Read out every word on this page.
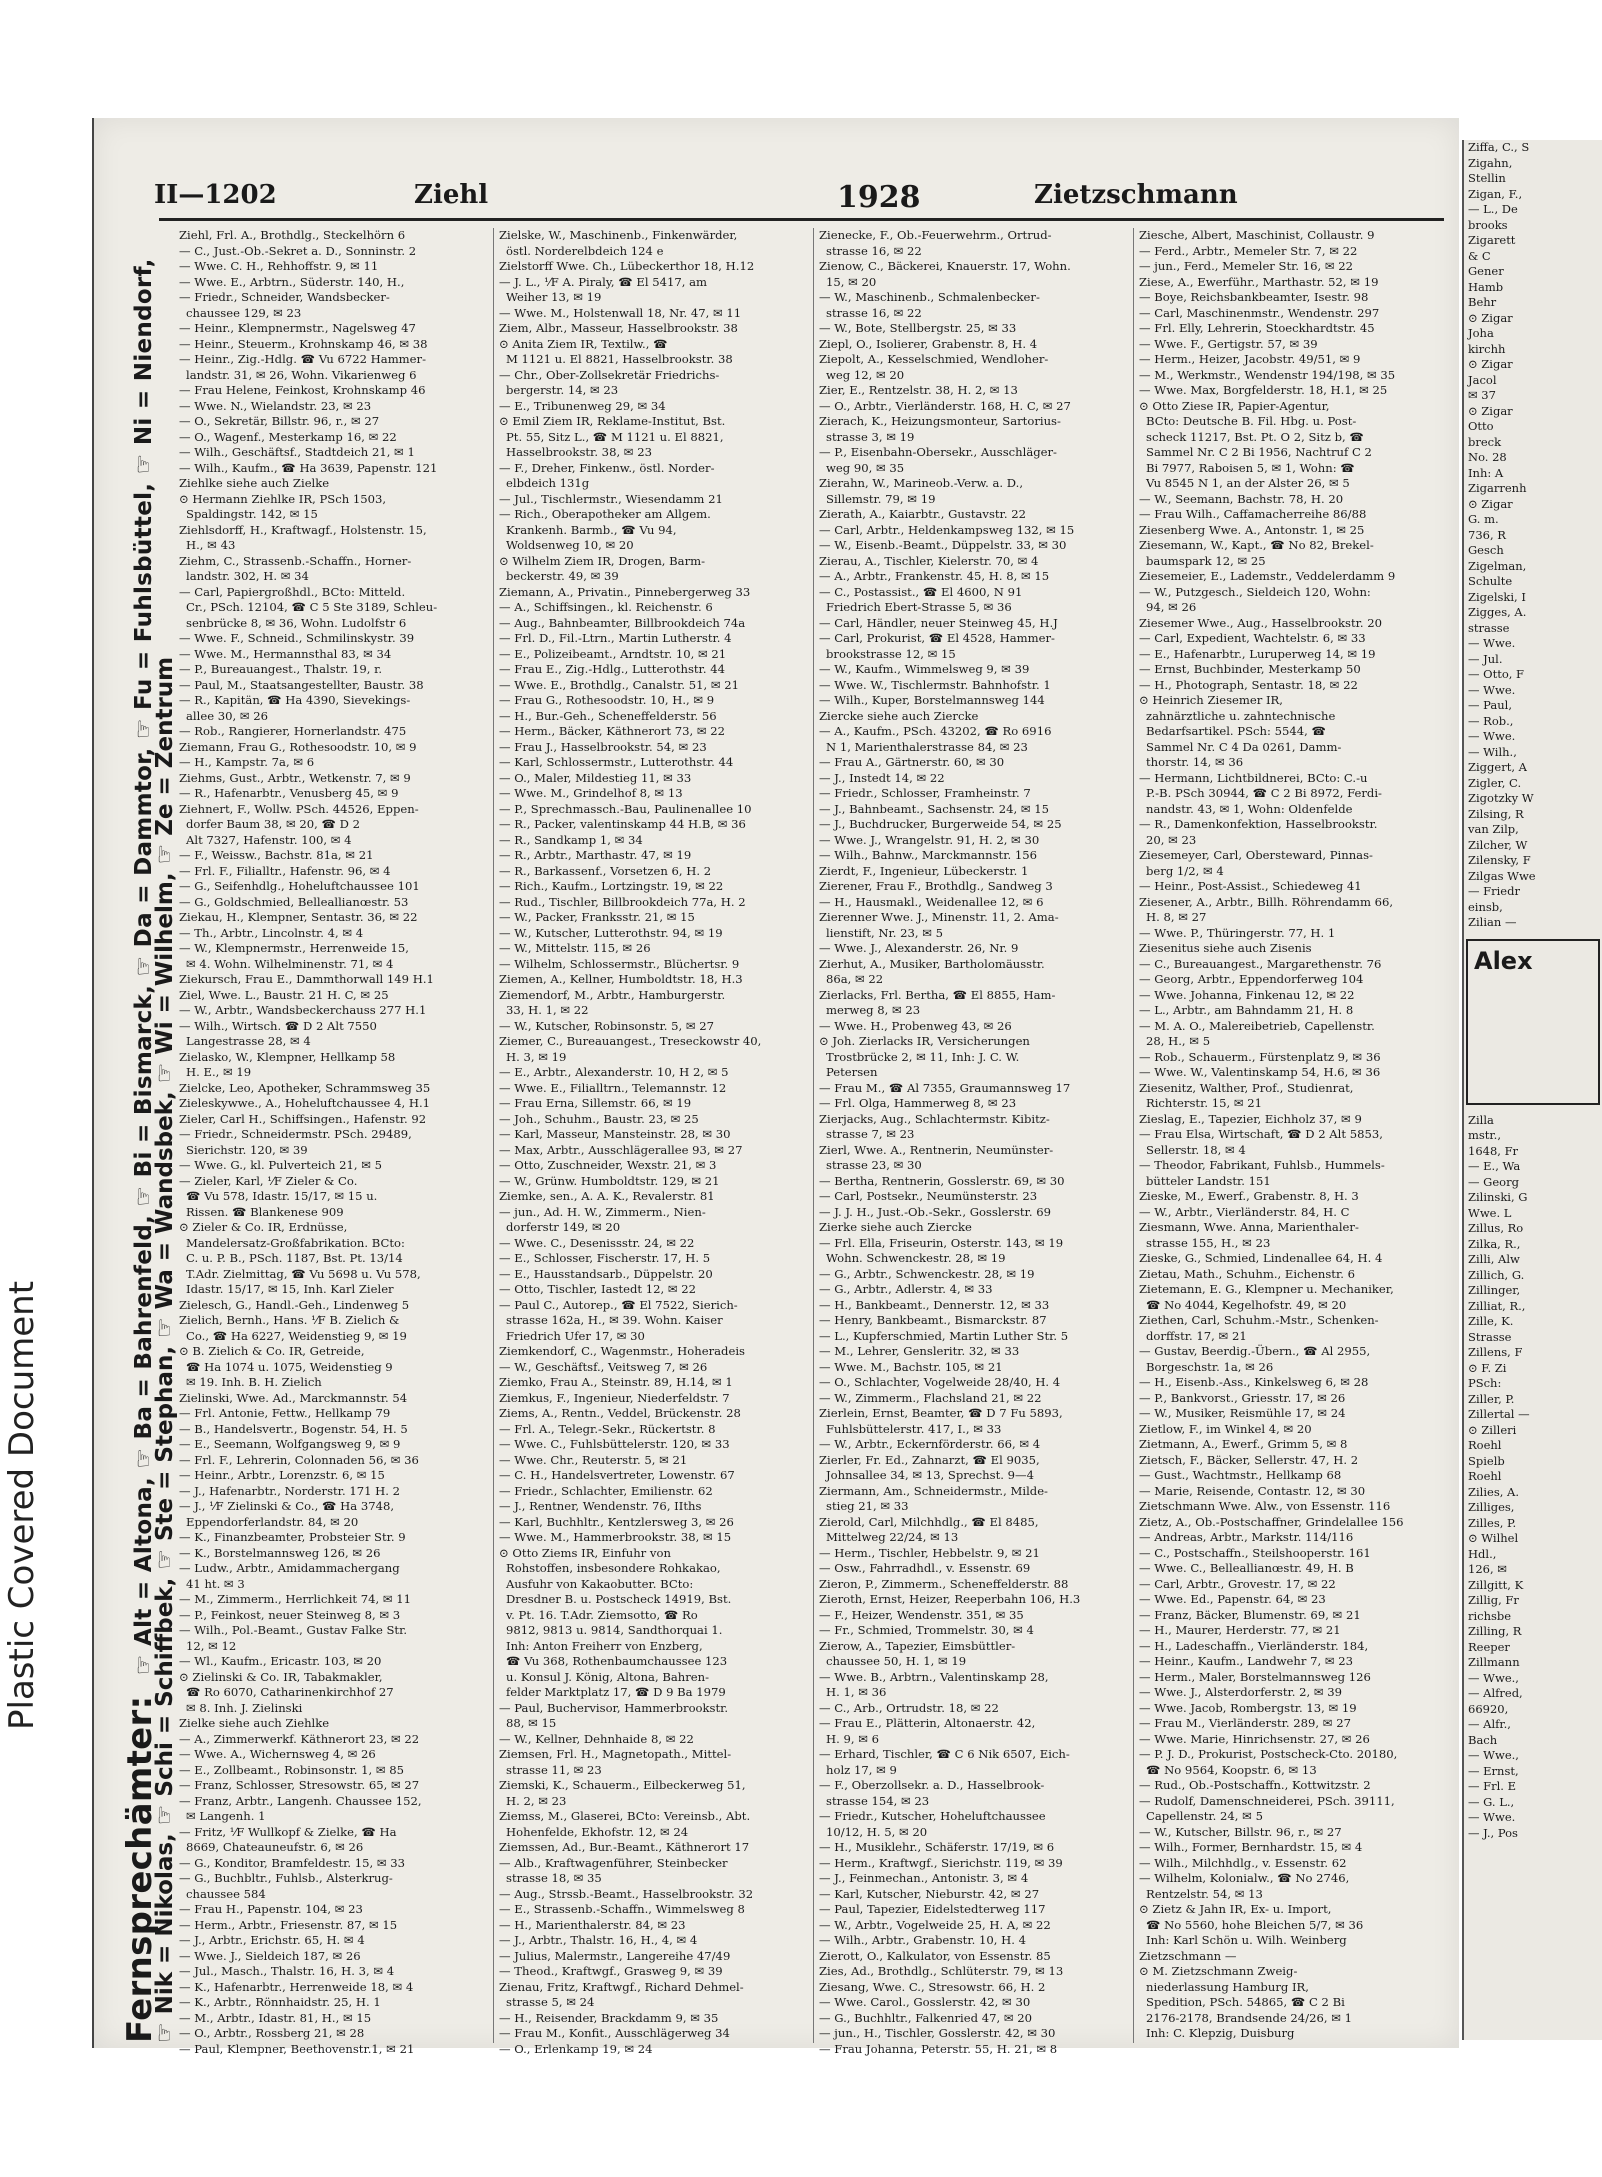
Plastic Covered Document
II—1202	Ziehl	1928	Zietzschmann
Fernsprechämter: ☞ Alt = Altona, ☞ Ba = Bahrenfeld, ☞ Bi = Bismarck, ☞ Da = Dammtor, ☞ Fu = Fuhlsbüttel, ☞ Ni = Niendorf,
☞ Nik = Nikolas, ☞ Schi = Schiffbek, ☞ Ste = Stephan, ☞ Wa = Wandsbek, ☞ Wi = Wilhelm, ☞ Ze = Zentrum
Ziehl, Frl. A., Brothdlg., Steckelhörn 6
— C., Just.-Ob.-Sekret a. D., Sonninstr. 2
— Wwe. C. H., Rehhoffstr. 9, ✉ 11
— Wwe. E., Arbtrn., Süderstr. 140, H.,
— Friedr., Schneider, Wandsbecker-
chaussee 129, ✉ 23
— Heinr., Klempnermstr., Nagelsweg 47
— Heinr., Steuerm., Krohnskamp 46, ✉ 38
— Heinr., Zig.-Hdlg. ☎ Vu 6722 Hammer-
landstr. 31, ✉ 26, Wohn. Vikarienweg 6
— Frau Helene, Feinkost, Krohnskamp 46
— Wwe. N., Wielandstr. 23, ✉ 23
— O., Sekretär, Billstr. 96, r., ✉ 27
— O., Wagenf., Mesterkamp 16, ✉ 22
— Wilh., Geschäftsf., Stadtdeich 21, ✉ 1
— Wilh., Kaufm., ☎ Ha 3639, Papenstr. 121
Ziehlke siehe auch Zielke
⊙ Hermann Ziehlke IR, PSch 1503,
Spaldingstr. 142, ✉ 15
Ziehlsdorff, H., Kraftwagf., Holstenstr. 15,
H., ✉ 43
Ziehm, C., Strassenb.-Schaffn., Horner-
landstr. 302, H. ✉ 34
— Carl, Papiergroßhdl., BCto: Mitteld.
Cr., PSch. 12104, ☎ C 5 Ste 3189, Schleu-
senbrücke 8, ✉ 36, Wohn. Ludolfstr 6
— Wwe. F., Schneid., Schmilinskystr. 39
— Wwe. M., Hermannsthal 83, ✉ 34
— P., Bureauangest., Thalstr. 19, r.
— Paul, M., Staatsangestellter, Baustr. 38
— R., Kapitän, ☎ Ha 4390, Sievekings-
allee 30, ✉ 26
— Rob., Rangierer, Hornerlandstr. 475
Ziemann, Frau G., Rothesoodstr. 10, ✉ 9
— H., Kampstr. 7a, ✉ 6
Ziehms, Gust., Arbtr., Wetkenstr. 7, ✉ 9
— R., Hafenarbtr., Venusberg 45, ✉ 9
Ziehnert, F., Wollw. PSch. 44526, Eppen-
dorfer Baum 38, ✉ 20, ☎ D 2
Alt 7327, Hafenstr. 100, ✉ 4
— F., Weissw., Bachstr. 81a, ✉ 21
— Frl. F., Filialltr., Hafenstr. 96, ✉ 4
— G., Seifenhdlg., Hoheluftchaussee 101
— G., Goldschmied, Belleallianœstr. 53
Ziekau, H., Klempner, Sentastr. 36, ✉ 22
— Th., Arbtr., Lincolnstr. 4, ✉ 4
— W., Klempnermstr., Herrenweide 15,
✉ 4. Wohn. Wilhelminenstr. 71, ✉ 4
Ziekursch, Frau E., Dammthorwall 149 H.1
Ziel, Wwe. L., Baustr. 21 H. C, ✉ 25
— W., Arbtr., Wandsbeckerchauss 277 H.1
— Wilh., Wirtsch. ☎ D 2 Alt 7550
Langestrasse 28, ✉ 4
Zielasko, W., Klempner, Hellkamp 58
H. E., ✉ 19
Zielcke, Leo, Apotheker, Schrammsweg 35
Zieleskywwe., A., Hoheluftchaussee 4, H.1
Zieler, Carl H., Schiffsingen., Hafenstr. 92
— Friedr., Schneidermstr. PSch. 29489,
Sierichstr. 120, ✉ 39
— Wwe. G., kl. Pulverteich 21, ✉ 5
— Zieler, Karl, ⅟F Zieler & Co.
☎ Vu 578, Idastr. 15/17, ✉ 15 u.
Rissen. ☎ Blankenese 909
⊙ Zieler & Co. IR, Erdnüsse,
Mandelersatz-Großfabrikation. BCto:
C. u. P. B., PSch. 1187, Bst. Pt. 13/14
T.Adr. Zielmittag, ☎ Vu 5698 u. Vu 578,
Idastr. 15/17, ✉ 15, Inh. Karl Zieler
Zielesch, G., Handl.-Geh., Lindenweg 5
Zielich, Bernh., Hans. ⅟F B. Zielich &
Co., ☎ Ha 6227, Weidenstieg 9, ✉ 19
⊙ B. Zielich & Co. IR, Getreide,
☎ Ha 1074 u. 1075, Weidenstieg 9
✉ 19. Inh. B. H. Zielich
Zielinski, Wwe. Ad., Marckmannstr. 54
— Frl. Antonie, Fettw., Hellkamp 79
— B., Handelsvertr., Bogenstr. 54, H. 5
— E., Seemann, Wolfgangsweg 9, ✉ 9
— Frl. F., Lehrerin, Colonnaden 56, ✉ 36
— Heinr., Arbtr., Lorenzstr. 6, ✉ 15
— J., Hafenarbtr., Norderstr. 171 H. 2
— J., ⅟F Zielinski & Co., ☎ Ha 3748,
Eppendorferlandstr. 84, ✉ 20
— K., Finanzbeamter, Probsteier Str. 9
— K., Borstelmannsweg 126, ✉ 26
— Ludw., Arbtr., Amidammachergang
41 ht. ✉ 3
— M., Zimmerm., Herrlichkeit 74, ✉ 11
— P., Feinkost, neuer Steinweg 8, ✉ 3
— Wilh., Pol.-Beamt., Gustav Falke Str.
12, ✉ 12
— Wl., Kaufm., Ericastr. 103, ✉ 20
⊙ Zielinski & Co. IR, Tabakmakler,
☎ Ro 6070, Catharinenkirchhof 27
✉ 8. Inh. J. Zielinski
Zielke siehe auch Ziehlke
— A., Zimmerwerkf. Käthnerort 23, ✉ 22
— Wwe. A., Wichernsweg 4, ✉ 26
— E., Zollbeamt., Robinsonstr. 1, ✉ 85
— Franz, Schlosser, Stresowstr. 65, ✉ 27
— Franz, Arbtr., Langenh. Chaussee 152,
✉ Langenh. 1
— Fritz, ⅟F Wullkopf & Zielke, ☎ Ha
8669, Chateauneufstr. 6, ✉ 26
— G., Konditor, Bramfeldestr. 15, ✉ 33
— G., Buchbltr., Fuhlsb., Alsterkrug-
chaussee 584
— Frau H., Papenstr. 104, ✉ 23
— Herm., Arbtr., Friesenstr. 87, ✉ 15
— J., Arbtr., Erichstr. 65, H. ✉ 4
— Wwe. J., Sieldeich 187, ✉ 26
— Jul., Masch., Thalstr. 16, H. 3, ✉ 4
— K., Hafenarbtr., Herrenweide 18, ✉ 4
— K., Arbtr., Rönnhaidstr. 25, H. 1
— M., Arbtr., Idastr. 81, H., ✉ 15
— O., Arbtr., Rossberg 21, ✉ 28
— Paul, Klempner, Beethovenstr.1, ✉ 21
Zielske, W., Maschinenb., Finkenwärder,
östl. Norderelbdeich 124 e
Zielstorff Wwe. Ch., Lübeckerthor 18, H.12
— J. L., ⅟F A. Piraly, ☎ El 5417, am
Weiher 13, ✉ 19
— Wwe. M., Holstenwall 18, Nr. 47, ✉ 11
Ziem, Albr., Masseur, Hasselbrookstr. 38
⊙ Anita Ziem IR, Textilw., ☎
M 1121 u. El 8821, Hasselbrookstr. 38
— Chr., Ober-Zollsekretär Friedrichs-
bergerstr. 14, ✉ 23
— E., Tribunenweg 29, ✉ 34
⊙ Emil Ziem IR, Reklame-Institut, Bst.
Pt. 55, Sitz L., ☎ M 1121 u. El 8821,
Hasselbrookstr. 38, ✉ 23
— F., Dreher, Finkenw., östl. Norder-
elbdeich 131g
— Jul., Tischlermstr., Wiesendamm 21
— Rich., Oberapotheker am Allgem.
Krankenh. Barmb., ☎ Vu 94,
Woldsenweg 10, ✉ 20
⊙ Wilhelm Ziem IR, Drogen, Barm-
beckerstr. 49, ✉ 39
Ziemann, A., Privatin., Pinnebergerweg 33
— A., Schiffsingen., kl. Reichenstr. 6
— Aug., Bahnbeamter, Billbrookdeich 74a
— Frl. D., Fil.-Ltrn., Martin Lutherstr. 4
— E., Polizeibeamt., Arndtstr. 10, ✉ 21
— Frau E., Zig.-Hdlg., Lutterothstr. 44
— Wwe. E., Brothdlg., Canalstr. 51, ✉ 21
— Frau G., Rothesoodstr. 10, H., ✉ 9
— H., Bur.-Geh., Scheneffelderstr. 56
— Herm., Bäcker, Käthnerort 73, ✉ 22
— Frau J., Hasselbrookstr. 54, ✉ 23
— Karl, Schlossermstr., Lutterothstr. 44
— O., Maler, Mildestieg 11, ✉ 33
— Wwe. M., Grindelhof 8, ✉ 13
— P., Sprechmassch.-Bau, Paulinenallee 10
— R., Packer, valentinskamp 44 H.B, ✉ 36
— R., Sandkamp 1, ✉ 34
— R., Arbtr., Marthastr. 47, ✉ 19
— R., Barkassenf., Vorsetzen 6, H. 2
— Rich., Kaufm., Lortzingstr. 19, ✉ 22
— Rud., Tischler, Billbrookdeich 77a, H. 2
— W., Packer, Franksstr. 21, ✉ 15
— W., Kutscher, Lutterothstr. 94, ✉ 19
— W., Mittelstr. 115, ✉ 26
— Wilhelm, Schlossermstr., Blüchertsr. 9
Ziemen, A., Kellner, Humboldtstr. 18, H.3
Ziemendorf, M., Arbtr., Hamburgerstr.
33, H. 1, ✉ 22
— W., Kutscher, Robinsonstr. 5, ✉ 27
Ziemer, C., Bureauangest., Treseckowstr 40,
H. 3, ✉ 19
— E., Arbtr., Alexanderstr. 10, H 2, ✉ 5
— Wwe. E., Filialltrn., Telemannstr. 12
— Frau Erna, Sillemstr. 66, ✉ 19
— Joh., Schuhm., Baustr. 23, ✉ 25
— Karl, Masseur, Mansteinstr. 28, ✉ 30
— Max, Arbtr., Ausschlägerallee 93, ✉ 27
— Otto, Zuschneider, Wexstr. 21, ✉ 3
— W., Grünw. Humboldtstr. 129, ✉ 21
Ziemke, sen., A. A. K., Revalerstr. 81
— jun., Ad. H. W., Zimmerm., Nien-
dorferstr 149, ✉ 20
— Wwe. C., Desenissstr. 24, ✉ 22
— E., Schlosser, Fischerstr. 17, H. 5
— E., Hausstandsarb., Düppelstr. 20
— Otto, Tischler, Iastedt 12, ✉ 22
— Paul C., Autorep., ☎ El 7522, Sierich-
strasse 162a, H., ✉ 39. Wohn. Kaiser
Friedrich Ufer 17, ✉ 30
Ziemkendorf, C., Wagenmstr., Hoheradeis
— W., Geschäftsf., Veitsweg 7, ✉ 26
Ziemko, Frau A., Steinstr. 89, H.14, ✉ 1
Ziemkus, F., Ingenieur, Niederfeldstr. 7
Ziems, A., Rentn., Veddel, Brückenstr. 28
— Frl. A., Telegr.-Sekr., Rückertstr. 8
— Wwe. C., Fuhlsbüttelerstr. 120, ✉ 33
— Wwe. Chr., Reuterstr. 5, ✉ 21
— C. H., Handelsvertreter, Lowenstr. 67
— Friedr., Schlachter, Emilienstr. 62
— J., Rentner, Wendenstr. 76, IIths
— Karl, Buchhltr., Kentzlersweg 3, ✉ 26
— Wwe. M., Hammerbrookstr. 38, ✉ 15
⊙ Otto Ziems IR, Einfuhr von
Rohstoffen, insbesondere Rohkakao,
Ausfuhr von Kakaobutter. BCto:
Dresdner B. u. Postscheck 14919, Bst.
v. Pt. 16. T.Adr. Ziemsotto, ☎ Ro
9812, 9813 u. 9814, Sandthorquai 1.
Inh: Anton Freiherr von Enzberg,
☎ Vu 368, Rothenbaumchaussee 123
u. Konsul J. König, Altona, Bahren-
felder Marktplatz 17, ☎ D 9 Ba 1979
— Paul, Buchervisor, Hammerbrookstr.
88, ✉ 15
— W., Kellner, Dehnhaide 8, ✉ 22
Ziemsen, Frl. H., Magnetopath., Mittel-
strasse 11, ✉ 23
Ziemski, K., Schauerm., Eilbeckerweg 51,
H. 2, ✉ 23
Ziemss, M., Glaserei, BCto: Vereinsb., Abt.
Hohenfelde, Ekhofstr. 12, ✉ 24
Ziemssen, Ad., Bur.-Beamt., Käthnerort 17
— Alb., Kraftwagenführer, Steinbecker
strasse 18, ✉ 35
— Aug., Strssb.-Beamt., Hasselbrookstr. 32
— E., Strassenb.-Schaffn., Wimmelsweg 8
— H., Marienthalerstr. 84, ✉ 23
— J., Arbtr., Thalstr. 16, H., 4, ✉ 4
— Julius, Malermstr., Langereihe 47/49
— Theod., Kraftwgf., Grasweg 9, ✉ 39
Zienau, Fritz, Kraftwgf., Richard Dehmel-
strasse 5, ✉ 24
— H., Reisender, Brackdamm 9, ✉ 35
— Frau M., Konfit., Ausschlägerweg 34
— O., Erlenkamp 19, ✉ 24
Zienecke, F., Ob.-Feuerwehrm., Ortrud-
strasse 16, ✉ 22
Zienow, C., Bäckerei, Knauerstr. 17, Wohn.
15, ✉ 20
— W., Maschinenb., Schmalenbecker-
strasse 16, ✉ 22
— W., Bote, Stellbergstr. 25, ✉ 33
Ziepl, O., Isolierer, Grabenstr. 8, H. 4
Ziepolt, A., Kesselschmied, Wendloher-
weg 12, ✉ 20
Zier, E., Rentzelstr. 38, H. 2, ✉ 13
— O., Arbtr., Vierländerstr. 168, H. C, ✉ 27
Zierach, K., Heizungsmonteur, Sartorius-
strasse 3, ✉ 19
— P., Eisenbahn-Obersekr., Ausschläger-
weg 90, ✉ 35
Zierahn, W., Marineob.-Verw. a. D.,
Sillemstr. 79, ✉ 19
Zierath, A., Kaiarbtr., Gustavstr. 22
— Carl, Arbtr., Heldenkampsweg 132, ✉ 15
— W., Eisenb.-Beamt., Düppelstr. 33, ✉ 30
Zierau, A., Tischler, Kielerstr. 70, ✉ 4
— A., Arbtr., Frankenstr. 45, H. 8, ✉ 15
— C., Postassist., ☎ El 4600, N 91
Friedrich Ebert-Strasse 5, ✉ 36
— Carl, Händler, neuer Steinweg 45, H.J
— Carl, Prokurist, ☎ El 4528, Hammer-
brookstrasse 12, ✉ 15
— W., Kaufm., Wimmelsweg 9, ✉ 39
— Wwe. W., Tischlermstr. Bahnhofstr. 1
— Wilh., Kuper, Borstelmannsweg 144
Ziercke siehe auch Ziercke
— A., Kaufm., PSch. 43202, ☎ Ro 6916
N 1, Marienthalerstrasse 84, ✉ 23
— Frau A., Gärtnerstr. 60, ✉ 30
— J., Instedt 14, ✉ 22
— Friedr., Schlosser, Framheinstr. 7
— J., Bahnbeamt., Sachsenstr. 24, ✉ 15
— J., Buchdrucker, Burgerweide 54, ✉ 25
— Wwe. J., Wrangelstr. 91, H. 2, ✉ 30
— Wilh., Bahnw., Marckmannstr. 156
Zierdt, F., Ingenieur, Lübeckerstr. 1
Zierener, Frau F., Brothdlg., Sandweg 3
— H., Hausmakl., Weidenallee 12, ✉ 6
Zierenner Wwe. J., Minenstr. 11, 2. Ama-
lienstift, Nr. 23, ✉ 5
— Wwe. J., Alexanderstr. 26, Nr. 9
Zierhut, A., Musiker, Bartholomäusstr.
86a, ✉ 22
Zierlacks, Frl. Bertha, ☎ El 8855, Ham-
merweg 8, ✉ 23
— Wwe. H., Probenweg 43, ✉ 26
⊙ Joh. Zierlacks IR, Versicherungen
Trostbrücke 2, ✉ 11, Inh: J. C. W.
Petersen
— Frau M., ☎ Al 7355, Graumannsweg 17
— Frl. Olga, Hammerweg 8, ✉ 23
Zierjacks, Aug., Schlachtermstr. Kibitz-
strasse 7, ✉ 23
Zierl, Wwe. A., Rentnerin, Neumünster-
strasse 23, ✉ 30
— Bertha, Rentnerin, Gosslerstr. 69, ✉ 30
— Carl, Postsekr., Neumünsterstr. 23
— J. J. H., Just.-Ob.-Sekr., Gosslerstr. 69
Zierke siehe auch Ziercke
— Frl. Ella, Friseurin, Osterstr. 143, ✉ 19
Wohn. Schwenckestr. 28, ✉ 19
— G., Arbtr., Schwenckestr. 28, ✉ 19
— G., Arbtr., Adlerstr. 4, ✉ 33
— H., Bankbeamt., Dennerstr. 12, ✉ 33
— Henry, Bankbeamt., Bismarckstr. 87
— L., Kupferschmied, Martin Luther Str. 5
— M., Lehrer, Gensleritr. 32, ✉ 33
— Wwe. M., Bachstr. 105, ✉ 21
— O., Schlachter, Vogelweide 28/40, H. 4
— W., Zimmerm., Flachsland 21, ✉ 22
Zierlein, Ernst, Beamter, ☎ D 7 Fu 5893,
Fuhlsbüttelerstr. 417, I., ✉ 33
— W., Arbtr., Eckernförderstr. 66, ✉ 4
Zierler, Fr. Ed., Zahnarzt, ☎ El 9035,
Johnsallee 34, ✉ 13, Sprechst. 9—4
Ziermann, Am., Schneidermstr., Milde-
stieg 21, ✉ 33
Zierold, Carl, Milchhdlg., ☎ El 8485,
Mittelweg 22/24, ✉ 13
— Herm., Tischler, Hebbelstr. 9, ✉ 21
— Osw., Fahrradhdl., v. Essenstr. 69
Zieron, P., Zimmerm., Scheneffelderstr. 88
Zieroth, Ernst, Heizer, Reeperbahn 106, H.3
— F., Heizer, Wendenstr. 351, ✉ 35
— Fr., Schmied, Trommelstr. 30, ✉ 4
Zierow, A., Tapezier, Eimsbüttler-
chaussee 50, H. 1, ✉ 19
— Wwe. B., Arbtrn., Valentinskamp 28,
H. 1, ✉ 36
— C., Arb., Ortrudstr. 18, ✉ 22
— Frau E., Plätterin, Altonaerstr. 42,
H. 9, ✉ 6
— Erhard, Tischler, ☎ C 6 Nik 6507, Eich-
holz 17, ✉ 9
— F., Oberzollsekr. a. D., Hasselbrook-
strasse 154, ✉ 23
— Friedr., Kutscher, Hoheluftchaussee
10/12, H. 5, ✉ 20
— H., Musiklehr., Schäferstr. 17/19, ✉ 6
— Herm., Kraftwgf., Sierichstr. 119, ✉ 39
— J., Feinmechan., Antonistr. 3, ✉ 4
— Karl, Kutscher, Nieburstr. 42, ✉ 27
— Paul, Tapezier, Eidelstedterweg 117
— W., Arbtr., Vogelweide 25, H. A, ✉ 22
— Wilh., Arbtr., Grabenstr. 10, H. 4
Zierott, O., Kalkulator, von Essenstr. 85
Zies, Ad., Brothdlg., Schlüterstr. 79, ✉ 13
Ziesang, Wwe. C., Stresowstr. 66, H. 2
— Wwe. Carol., Gosslerstr. 42, ✉ 30
— G., Buchhltr., Falkenried 47, ✉ 20
— jun., H., Tischler, Gosslerstr. 42, ✉ 30
— Frau Johanna, Peterstr. 55, H. 21, ✉ 8
Ziesche, Albert, Maschinist, Collaustr. 9
— Ferd., Arbtr., Memeler Str. 7, ✉ 22
— jun., Ferd., Memeler Str. 16, ✉ 22
Ziese, A., Ewerführ., Marthastr. 52, ✉ 19
— Boye, Reichsbankbeamter, Isestr. 98
— Carl, Maschinenmstr., Wendenstr. 297
— Frl. Elly, Lehrerin, Stoeckhardtstr. 45
— Wwe. F., Gertigstr. 57, ✉ 39
— Herm., Heizer, Jacobstr. 49/51, ✉ 9
— M., Werkmstr., Wendenstr 194/198, ✉ 35
— Wwe. Max, Borgfelderstr. 18, H.1, ✉ 25
⊙ Otto Ziese IR, Papier-Agentur,
BCto: Deutsche B. Fil. Hbg. u. Post-
scheck 11217, Bst. Pt. O 2, Sitz b, ☎
Sammel Nr. C 2 Bi 1956, Nachtruf C 2
Bi 7977, Raboisen 5, ✉ 1, Wohn: ☎
Vu 8545 N 1, an der Alster 26, ✉ 5
— W., Seemann, Bachstr. 78, H. 20
— Frau Wilh., Caffamacherreihe 86/88
Ziesenberg Wwe. A., Antonstr. 1, ✉ 25
Ziesemann, W., Kapt., ☎ No 82, Brekel-
baumspark 12, ✉ 25
Ziesemeier, E., Lademstr., Veddelerdamm 9
— W., Putzgesch., Sieldeich 120, Wohn:
94, ✉ 26
Ziesemer Wwe., Aug., Hasselbrookstr. 20
— Carl, Expedient, Wachtelstr. 6, ✉ 33
— E., Hafenarbtr., Luruperweg 14, ✉ 19
— Ernst, Buchbinder, Mesterkamp 50
— H., Photograph, Sentastr. 18, ✉ 22
⊙ Heinrich Ziesemer IR,
zahnärztliche u. zahntechnische
Bedarfsartikel. PSch: 5544, ☎
Sammel Nr. C 4 Da 0261, Damm-
thorstr. 14, ✉ 36
— Hermann, Lichtbildnerei, BCto: C.-u
P.-B. PSch 30944, ☎ C 2 Bi 8972, Ferdi-
nandstr. 43, ✉ 1, Wohn: Oldenfelde
— R., Damenkonfektion, Hasselbrookstr.
20, ✉ 23
Ziesemeyer, Carl, Obersteward, Pinnas-
berg 1/2, ✉ 4
— Heinr., Post-Assist., Schiedeweg 41
Ziesener, A., Arbtr., Billh. Röhrendamm 66,
H. 8, ✉ 27
— Wwe. P., Thüringerstr. 77, H. 1
Ziesenitus siehe auch Zisenis
— C., Bureauangest., Margarethenstr. 76
— Georg, Arbtr., Eppendorferweg 104
— Wwe. Johanna, Finkenau 12, ✉ 22
— L., Arbtr., am Bahndamm 21, H. 8
— M. A. O., Malereibetrieb, Capellenstr.
28, H., ✉ 5
— Rob., Schauerm., Fürstenplatz 9, ✉ 36
— Wwe. W., Valentinskamp 54, H.6, ✉ 36
Ziesenitz, Walther, Prof., Studienrat,
Richterstr. 15, ✉ 21
Zieslag, E., Tapezier, Eichholz 37, ✉ 9
— Frau Elsa, Wirtschaft, ☎ D 2 Alt 5853,
Sellerstr. 18, ✉ 4
— Theodor, Fabrikant, Fuhlsb., Hummels-
bütteler Landstr. 151
Zieske, M., Ewerf., Grabenstr. 8, H. 3
— W., Arbtr., Vierländerstr. 84, H. C
Ziesmann, Wwe. Anna, Marienthaler-
strasse 155, H., ✉ 23
Zieske, G., Schmied, Lindenallee 64, H. 4
Zietau, Math., Schuhm., Eichenstr. 6
Zietemann, E. G., Klempner u. Mechaniker,
☎ No 4044, Kegelhofstr. 49, ✉ 20
Ziethen, Carl, Schuhm.-Mstr., Schenken-
dorffstr. 17, ✉ 21
— Gustav, Beerdig.-Übern., ☎ Al 2955,
Borgeschstr. 1a, ✉ 26
— H., Eisenb.-Ass., Kinkelsweg 6, ✉ 28
— P., Bankvorst., Griesstr. 17, ✉ 26
— W., Musiker, Reismühle 17, ✉ 24
Zietlow, F., im Winkel 4, ✉ 20
Zietmann, A., Ewerf., Grimm 5, ✉ 8
Zietsch, F., Bäcker, Sellerstr. 47, H. 2
— Gust., Wachtmstr., Hellkamp 68
— Marie, Reisende, Contastr. 12, ✉ 30
Zietschmann Wwe. Alw., von Essenstr. 116
Zietz, A., Ob.-Postschaffner, Grindelallee 156
— Andreas, Arbtr., Markstr. 114/116
— C., Postschaffn., Steilshooperstr. 161
— Wwe. C., Belleallianœstr. 49, H. B
— Carl, Arbtr., Grovestr. 17, ✉ 22
— Wwe. Ed., Papenstr. 64, ✉ 23
— Franz, Bäcker, Blumenstr. 69, ✉ 21
— H., Maurer, Herderstr. 77, ✉ 21
— H., Ladeschaffn., Vierländerstr. 184,
— Heinr., Kaufm., Landwehr 7, ✉ 23
— Herm., Maler, Borstelmannsweg 126
— Wwe. J., Alsterdorferstr. 2, ✉ 39
— Wwe. Jacob, Rombergstr. 13, ✉ 19
— Frau M., Vierländerstr. 289, ✉ 27
— Wwe. Marie, Hinrichsenstr. 27, ✉ 26
— P. J. D., Prokurist, Postscheck-Cto. 20180,
☎ No 9564, Koopstr. 6, ✉ 13
— Rud., Ob.-Postschaffn., Kottwitzstr. 2
— Rudolf, Damenschneiderei, PSch. 39111,
Capellenstr. 24, ✉ 5
— W., Kutscher, Billstr. 96, r., ✉ 27
— Wilh., Former, Bernhardstr. 15, ✉ 4
— Wilh., Milchhdlg., v. Essenstr. 62
— Wilhelm, Kolonialw., ☎ No 2746,
Rentzelstr. 54, ✉ 13
⊙ Zietz & Jahn IR, Ex- u. Import,
☎ No 5560, hohe Bleichen 5/7, ✉ 36
Inh: Karl Schön u. Wilh. Weinberg
Zietzschmann —
⊙ M. Zietzschmann Zweig-
niederlassung Hamburg IR,
Spedition, PSch. 54865, ☎ C 2 Bi
2176-2178, Brandsende 24/26, ✉ 1
Inh: C. Klepzig, Duisburg
Ziffa, C., S
Zigahn,
Stellin
Zigan, F.,
— L., De
brooks
Zigarett
& C
Gener
Hamb
Behr
⊙ Zigar
Joha
kirchh
⊙ Zigar
Jacol
✉ 37
⊙ Zigar
Otto
breck
No. 28
Inh: A
Zigarrenh
⊙ Zigar
G. m.
736, R
Gesch
Zigelman,
Schulte
Zigelski, I
Zigges, A.
strasse
— Wwe.
— Jul.
— Otto, F
— Wwe.
— Paul,
— Rob.,
— Wwe.
— Wilh.,
Ziggert, A
Zigler, C.
Zigotzky W
Zilsing, R
van Zilp,
Zilcher, W
Zilensky, F
Zilgas Wwe
— Friedr
einsb,
Zilian —
Alex
Zilla
mstr.,
1648, Fr
— E., Wa
— Georg
Zilinski, G
Wwe. L
Zillus, Ro
Zilka, R.,
Zilli, Alw
Zillich, G.
Zillinger,
Zilliat, R.,
Zille, K.
Strasse
Zillens, F
⊙ F. Zi
PSch:
Ziller, P.
Zillertal —
⊙ Zilleri
Roehl
Spielb
Roehl
Zilies, A.
Zilliges,
Zilles, P.
⊙ Wilhel
Hdl.,
126, ✉
Zillgitt, K
Zillig, Fr
richsbe
Zilling, R
Reeper
Zillmann
— Wwe.,
— Alfred,
66920,
— Alfr.,
Bach
— Wwe.,
— Ernst,
— Frl. E
— G. L.,
— Wwe.
— J., Pos
